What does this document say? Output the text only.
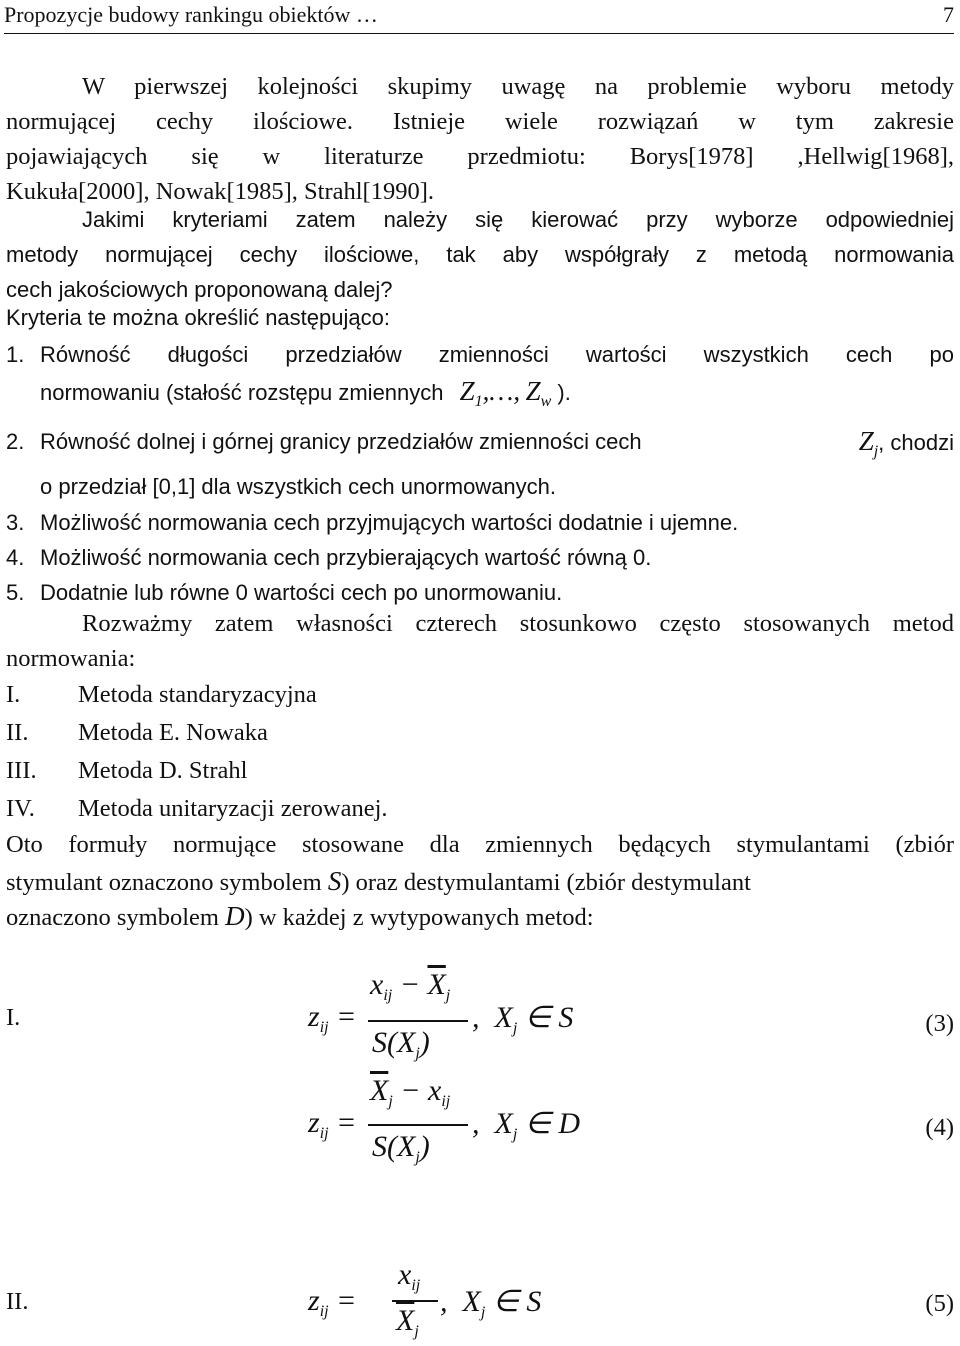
Propozycje budowy rankingu obiektów …	7
W pierwszej kolejności skupimy uwagę na problemie wyboru metody
normującej cechy ilościowe. Istnieje wiele rozwiązań w tym zakresie
pojawiających się w literaturze przedmiotu: Borys[1978] ,Hellwig[1968],
Kukuła[2000], Nowak[1985], Strahl[1990].
Jakimi kryteriami zatem należy się kierować przy wyborze odpowiedniej
metody normującej cechy ilościowe, tak aby współgrały z metodą normowania
cech jakościowych proponowaną dalej?
Kryteria te można określić następująco:
1. Równość długości przedziałów zmienności wartości wszystkich cech po
normowaniu (stałość rozstępu zmiennych $Z_1,\dots$, $Z_w$ ).
2. Równość dolnej i górnej granicy przedziałów zmienności cech	$Z_j$, chodzi
o przedział [0,1] dla wszystkich cech unormowanych.
3. Możliwość normowania cech przyjmujących wartości dodatnie i ujemne.
4. Możliwość normowania cech przybierających wartość równą 0.
5. Dodatnie lub równe 0 wartości cech po unormowaniu.
Rozważmy zatem własności czterech stosunkowo często stosowanych metod
normowania:
I. Metoda standaryzacyjna
II. Metoda E. Nowaka
III. Metoda D. Strahl
IV. Metoda unitaryzacji zerowanej.
Oto formuły normujące stosowane dla zmiennych będących stymulantami (zbiór
stymulant oznaczono symbolem S) oraz destymulantami (zbiór destymulant
oznaczono symbolem D) w każdej z wytypowanych metod:
I.	$z_{ij}$ =
$x_{ij} - \overline{X}_j$
$S(X_j)$
,  $X_j$ ∈ S	(3)
$z_{ij}$ =
$\overline{X}_j - x_{ij}$
$S(X_j)$
,  $X_j$ ∈ D	(4)
II.	$z_{ij}$ =
$x_{ij}$
$\overline{X}_j$
,  $X_j$ ∈ S	(5)
